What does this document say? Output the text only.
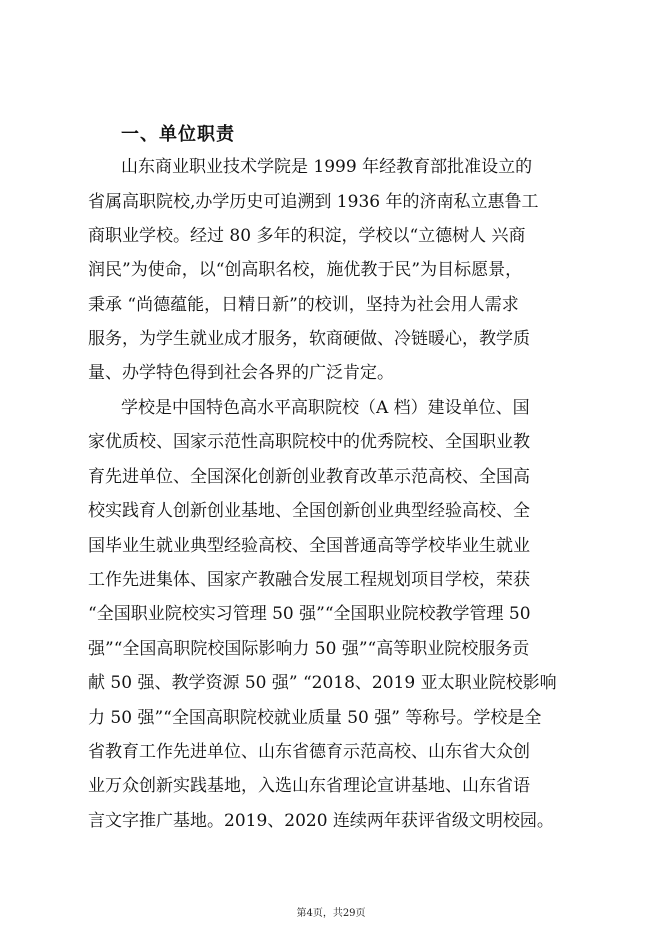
一、单位职责
山东商业职业技术学院是 1999 年经教育部批准设立的
省属高职院校,办学历史可追溯到 1936 年的济南私立惠鲁工
商职业学校。经过 80 多年的积淀，学校以“立德树人 兴商
润民”为使命，以“创高职名校，施优教于民”为目标愿景，
秉承 “尚德蕴能，日精日新”的校训，坚持为社会用人需求
服务，为学生就业成才服务，软商硬做、冷链暖心，教学质
量、办学特色得到社会各界的广泛肯定。
学校是中国特色高水平高职院校（A 档）建设单位、国
家优质校、国家示范性高职院校中的优秀院校、全国职业教
育先进单位、全国深化创新创业教育改革示范高校、全国高
校实践育人创新创业基地、全国创新创业典型经验高校、全
国毕业生就业典型经验高校、全国普通高等学校毕业生就业
工作先进集体、国家产教融合发展工程规划项目学校，荣获
“全国职业院校实习管理 50 强”“全国职业院校教学管理 50
强”“全国高职院校国际影响力 50 强”“高等职业院校服务贡
献 50 强、教学资源 50 强” “2018、2019 亚太职业院校影响
力 50 强”“全国高职院校就业质量 50 强” 等称号。学校是全
省教育工作先进单位、山东省德育示范高校、山东省大众创
业万众创新实践基地，入选山东省理论宣讲基地、山东省语
言文字推广基地。2019、2020 连续两年获评省级文明校园。
第4页，共29页
